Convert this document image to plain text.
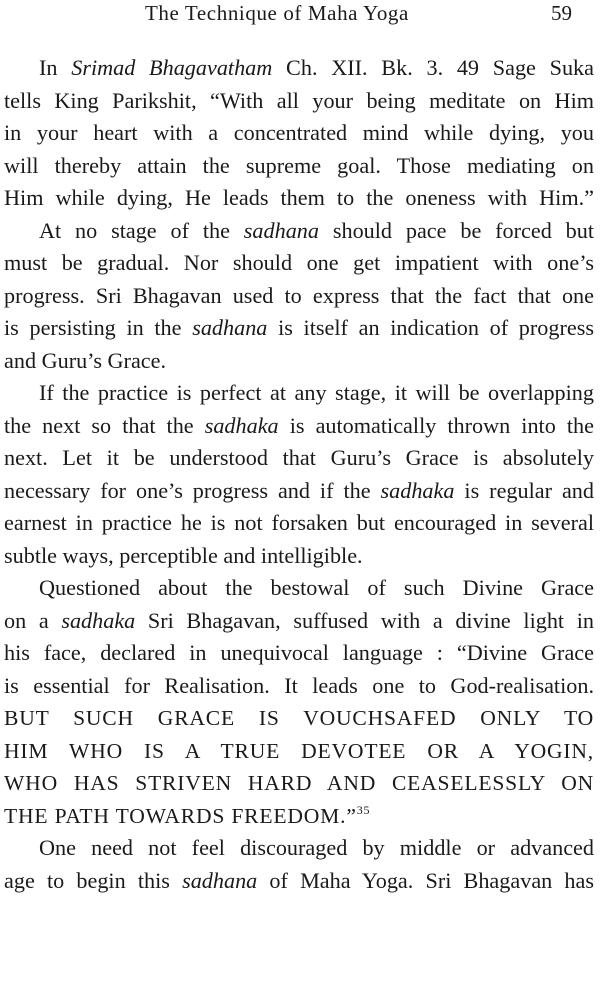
The Technique of Maha Yoga	59
In Srimad Bhagavatham Ch. XII. Bk. 3. 49 Sage Suka
tells King Parikshit, “With all your being meditate on Him
in your heart with a concentrated mind while dying, you
will thereby attain the supreme goal. Those mediating on
Him while dying, He leads them to the oneness with Him.”
At no stage of the sadhana should pace be forced but
must be gradual. Nor should one get impatient with one’s
progress. Sri Bhagavan used to express that the fact that one
is persisting in the sadhana is itself an indication of progress
and Guru’s Grace.
If the practice is perfect at any stage, it will be overlapping
the next so that the sadhaka is automatically thrown into the
next. Let it be understood that Guru’s Grace is absolutely
necessary for one’s progress and if the sadhaka is regular and
earnest in practice he is not forsaken but encouraged in several
subtle ways, perceptible and intelligible.
Questioned about the bestowal of such Divine Grace
on a sadhaka Sri Bhagavan, suffused with a divine light in
his face, declared in unequivocal language : “Divine Grace
is essential for Realisation. It leads one to God-realisation.
BUT SUCH GRACE IS VOUCHSAFED ONLY TO
HIM WHO IS A TRUE DEVOTEE OR A YOGIN,
WHO HAS STRIVEN HARD AND CEASELESSLY ON
THE PATH TOWARDS FREEDOM.”$^{35}$
One need not feel discouraged by middle or advanced
age to begin this sadhana of Maha Yoga. Sri Bhagavan has
